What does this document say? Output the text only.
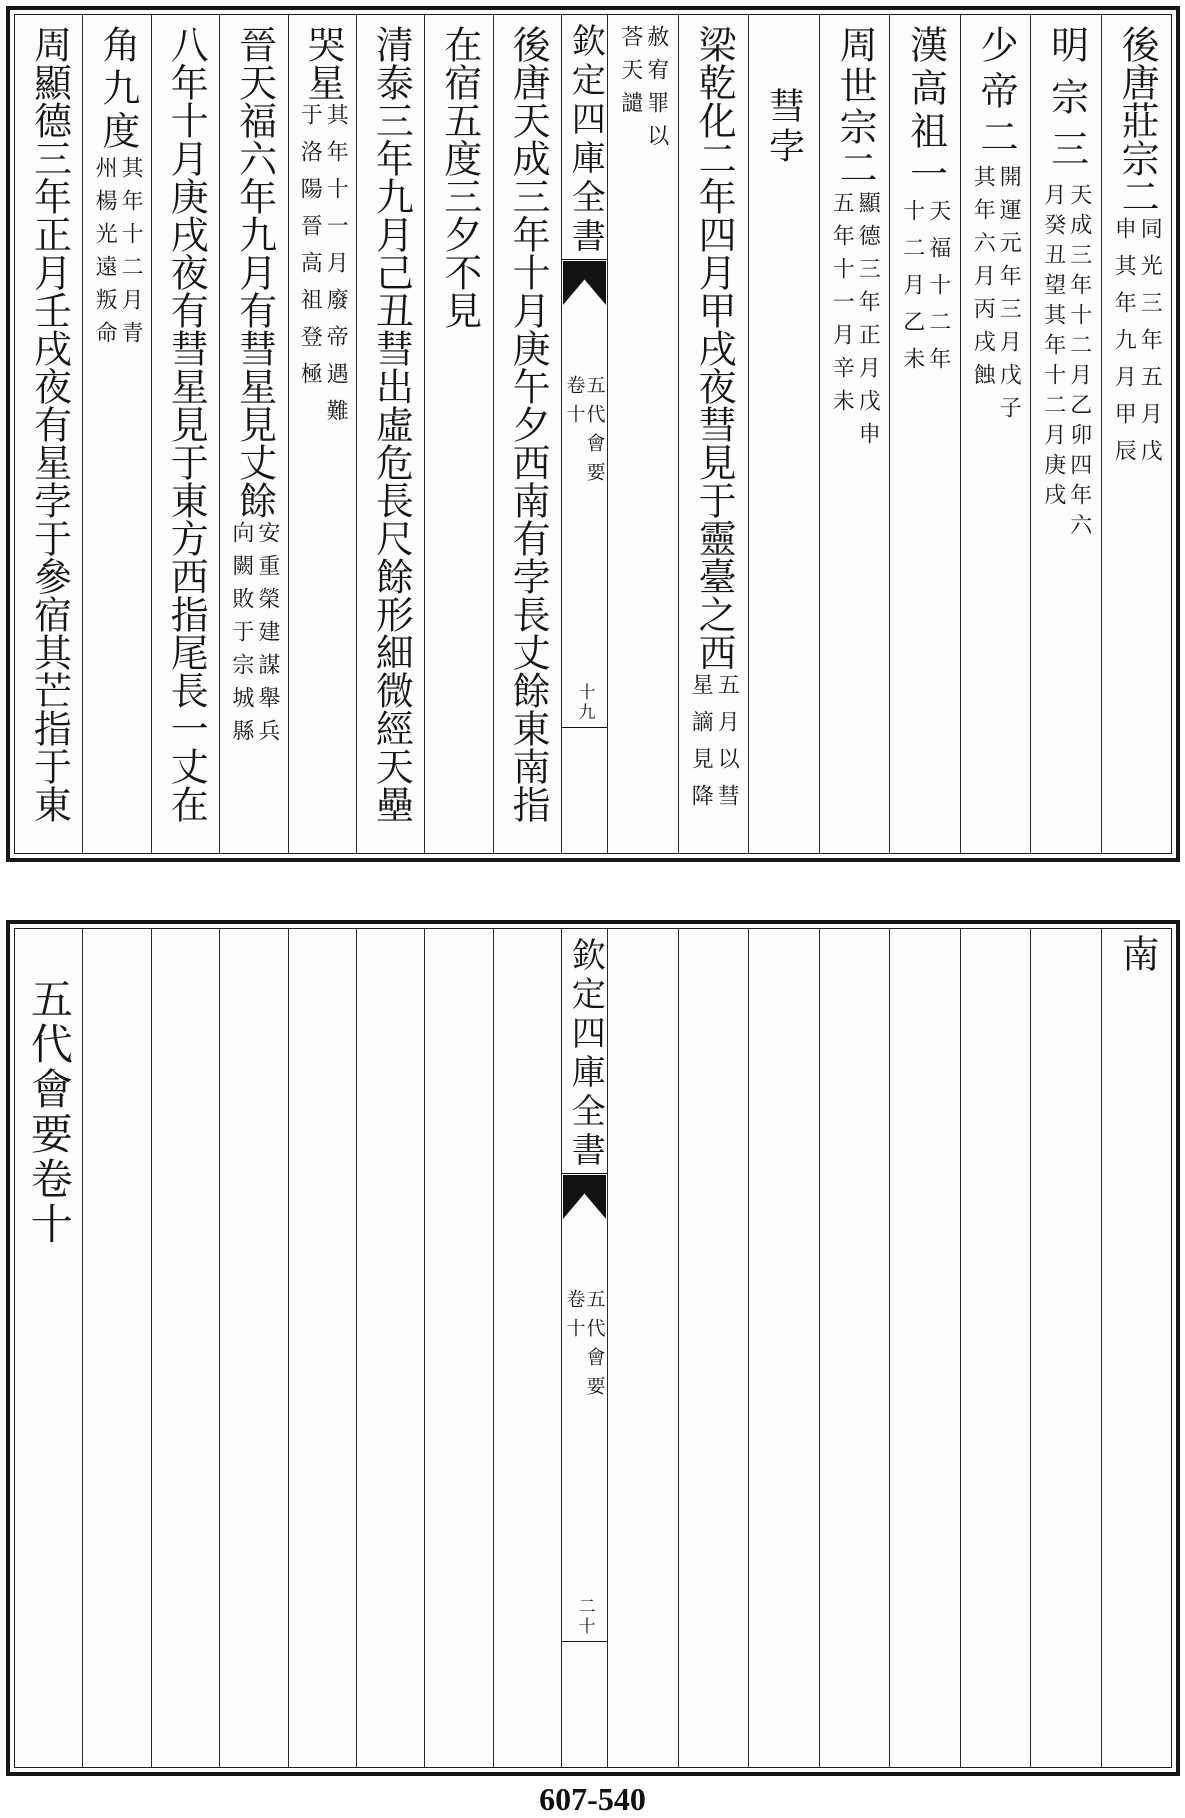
後唐莊宗二
同光三年五月戊
申其年九月甲辰
明宗三
天成三年十二月乙卯四年六
月癸丑望其年十二月庚戌
少帝二
開運元年三月戊子
其年六月丙戌蝕
漢高祖一
天福十二年
十二月乙未
周世宗二
顯德三年正月戊申
五年十一月辛未
彗孛
梁乾化二年四月甲戌夜彗見于靈臺之西
五月以彗
星謫見降
赦宥罪以
荅天譴
欽定四庫全書
五代會要
卷十
十九
後唐天成三年十月庚午夕西南有孛長丈餘東南指
在宿五度三夕不見
清泰三年九月己丑彗出虛危長尺餘形細微經天壘
哭星
其年十一月廢帝遇難
于洛陽晉高祖登極
晉天福六年九月有彗星見丈餘
安重榮建謀舉兵
向闕敗于宗城縣
八年十月庚戌夜有彗星見于東方西指尾長一丈在
角九度
其年十二月青
州楊光遠叛命
周顯德三年正月壬戌夜有星孛于參宿其芒指于東
南
欽定四庫全書
五代會要
卷十
二十
五代會要卷十
607-540
